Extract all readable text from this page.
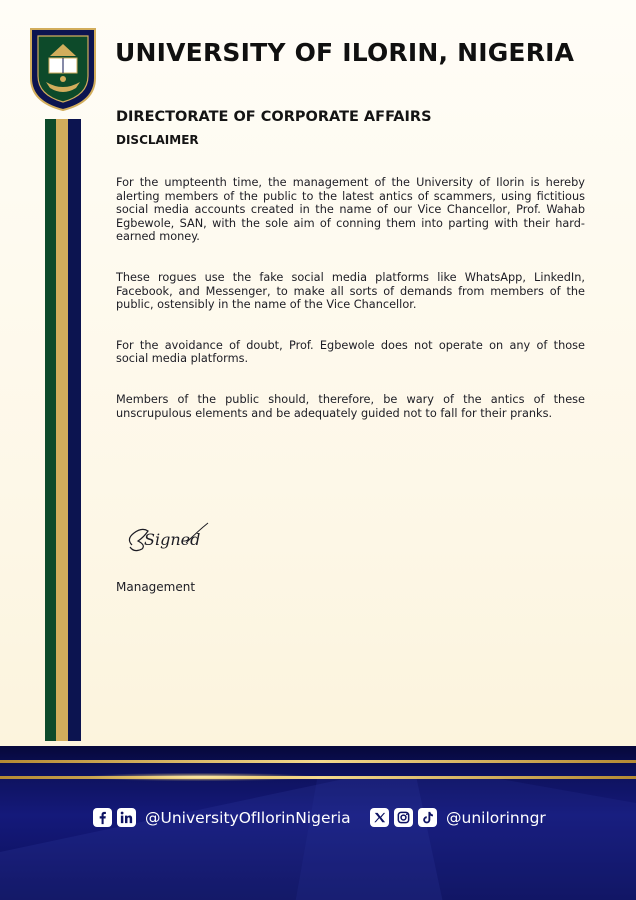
UNIVERSITY OF ILORIN, NIGERIA
DIRECTORATE OF CORPORATE AFFAIRS
DISCLAIMER

For the umpteenth time, the management of the University of Ilorin is hereby alerting members of the public to the latest antics of scammers, using fictitious social media accounts created in the name of our Vice Chancellor, Prof. Wahab Egbewole, SAN, with the sole aim of conning them into parting with their hard-earned money.

These rogues use the fake social media platforms like WhatsApp, LinkedIn, Facebook, and Messenger, to make all sorts of demands from members of the public, ostensibly in the name of the Vice Chancellor.

For the avoidance of doubt, Prof. Egbewole does not operate on any of those social media platforms.

Members of the public should, therefore, be wary of the antics of these unscrupulous elements and be adequately guided not to fall for their pranks.

Signed
Management
@UniversityOfIlorinNigeria	@unilorinngr
